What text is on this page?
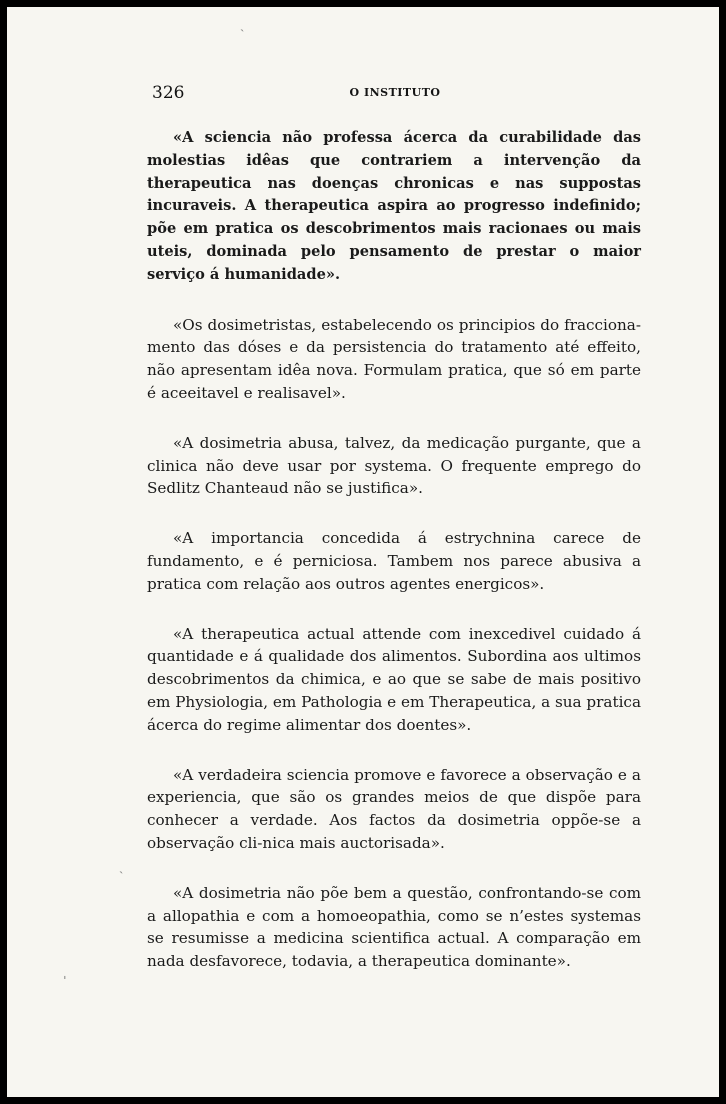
326	O INSTITUTO
ˏ
ˈ
ˏ

«A sciencia não professa ácerca da curabilidade das molestias idêas que contrariem a intervenção da therapeutica nas doenças chronicas e nas suppostas incuraveis. A therapeutica aspira ao progresso indefinido; põe em pratica os descobrimentos mais racionaes ou mais uteis, dominada pelo pensamento de prestar o maior serviço á humanidade».

«Os dosimetristas, estabelecendo os principios do fracciona-mento das dóses e da persistencia do tratamento até effeito, não apresentam idêa nova. Formulam pratica, que só em parte é aceeitavel e realisavel».

«A dosimetria abusa, talvez, da medicação purgante, que a clinica não deve usar por systema. O frequente emprego do Sedlitz Chanteaud não se justifica».

«A importancia concedida á estrychnina carece de fundamento, e é perniciosa. Tambem nos parece abusiva a pratica com relação aos outros agentes energicos».

«A therapeutica actual attende com inexcedivel cuidado á quantidade e á qualidade dos alimentos. Subordina aos ultimos descobrimentos da chimica, e ao que se sabe de mais positivo em Physiologia, em Pathologia e em Therapeutica, a sua pratica ácerca do regime alimentar dos doentes».

«A verdadeira sciencia promove e favorece a observação e a experiencia, que são os grandes meios de que dispõe para conhecer a verdade. Aos factos da dosimetria oppõe-se a observação cli-nica mais auctorisada».

«A dosimetria não põe bem a questão, confrontando-se com a allopathia e com a homoeopathia, como se n’estes systemas se resumisse a medicina scientifica actual. A comparação em nada desfavorece, todavia, a therapeutica dominante».
